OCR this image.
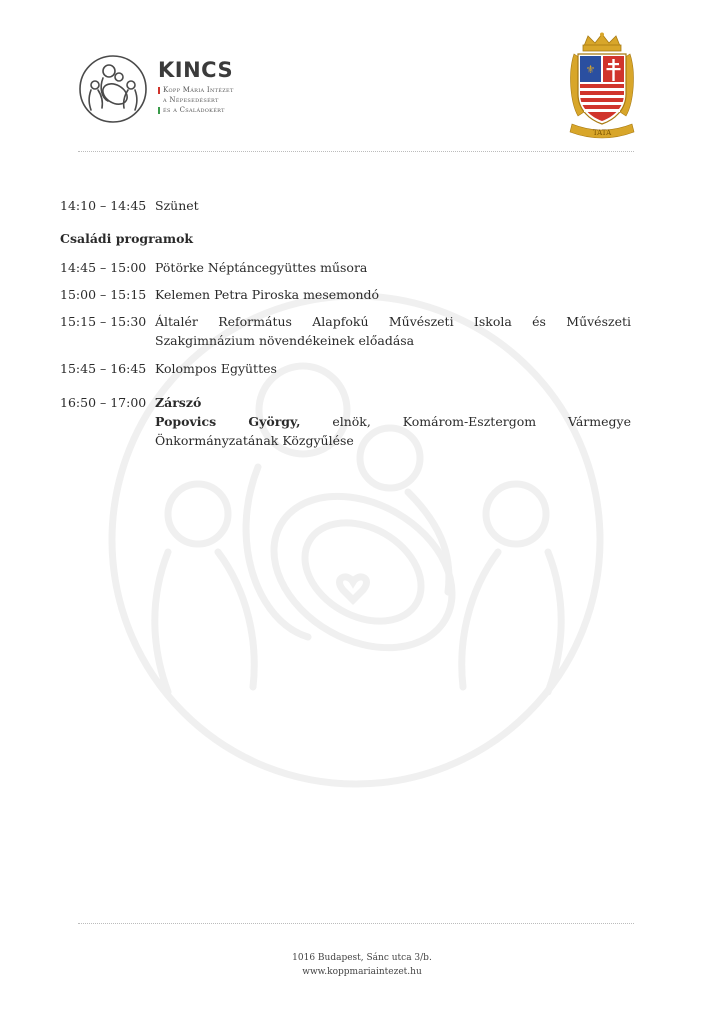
KINCS
Kopp Mária Intézet
a Népesedésért
és a Családokért
⚜
TATA
14:10 – 14:45 Szünet
Családi programok
14:45 – 15:00 Pötörke Néptáncegyüttes műsora
15:00 – 15:15 Kelemen Petra Piroska mesemondó
15:15 – 15:30 Általér Református Alapfokú Művészeti Iskola és Művészeti Szakgimnázium növendékeinek előadása
15:45 – 16:45 Kolompos Együttes
16:50 – 17:00 Zárszó
Popovics György, elnök, Komárom-Esztergom Vármegye Önkormányzatának Közgyűlése
1016 Budapest, Sánc utca 3/b.
www.koppmariaintezet.hu
